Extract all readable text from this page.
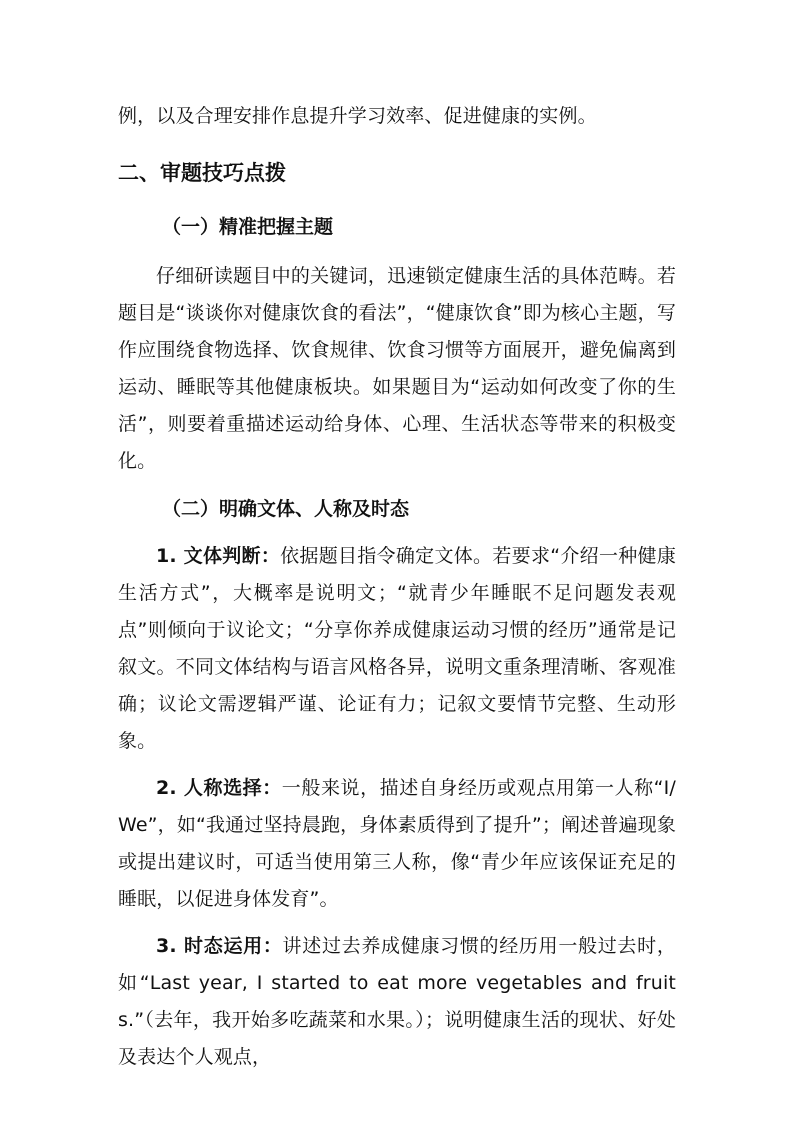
例，以及合理安排作息提升学习效率、促进健康的实例。

二、审题技巧点拨
（一）精准把握主题

仔细研读题目中的关键词，迅速锁定健康生活的具体范畴。若题目是“谈谈你对健康饮食的看法”，“健康饮食”即为核心主题，写作应围绕食物选择、饮食规律、饮食习惯等方面展开，避免偏离到运动、睡眠等其他健康板块。如果题目为“运动如何改变了你的生活”，则要着重描述运动给身体、心理、生活状态等带来的积极变化。

（二）明确文体、人称及时态

1. 文体判断：依据题目指令确定文体。若要求“介绍一种健康生活方式”，大概率是说明文；“就青少年睡眠不足问题发表观点”则倾向于议论文；“分享你养成健康运动习惯的经历”通常是记叙文。不同文体结构与语言风格各异，说明文重条理清晰、客观准确；议论文需逻辑严谨、论证有力；记叙文要情节完整、生动形象。

2. 人称选择：一般来说，描述自身经历或观点用第一人称“I/We”，如“我通过坚持晨跑，身体素质得到了提升”；阐述普遍现象或提出建议时，可适当使用第三人称，像“青少年应该保证充足的睡眠，以促进身体发育”。

3. 时态运用：讲述过去养成健康习惯的经历用一般过去时，如“Last year, I started to eat more vegetables and fruits.”（去年，我开始多吃蔬菜和水果。）；说明健康生活的现状、好处及表达个人观点，
